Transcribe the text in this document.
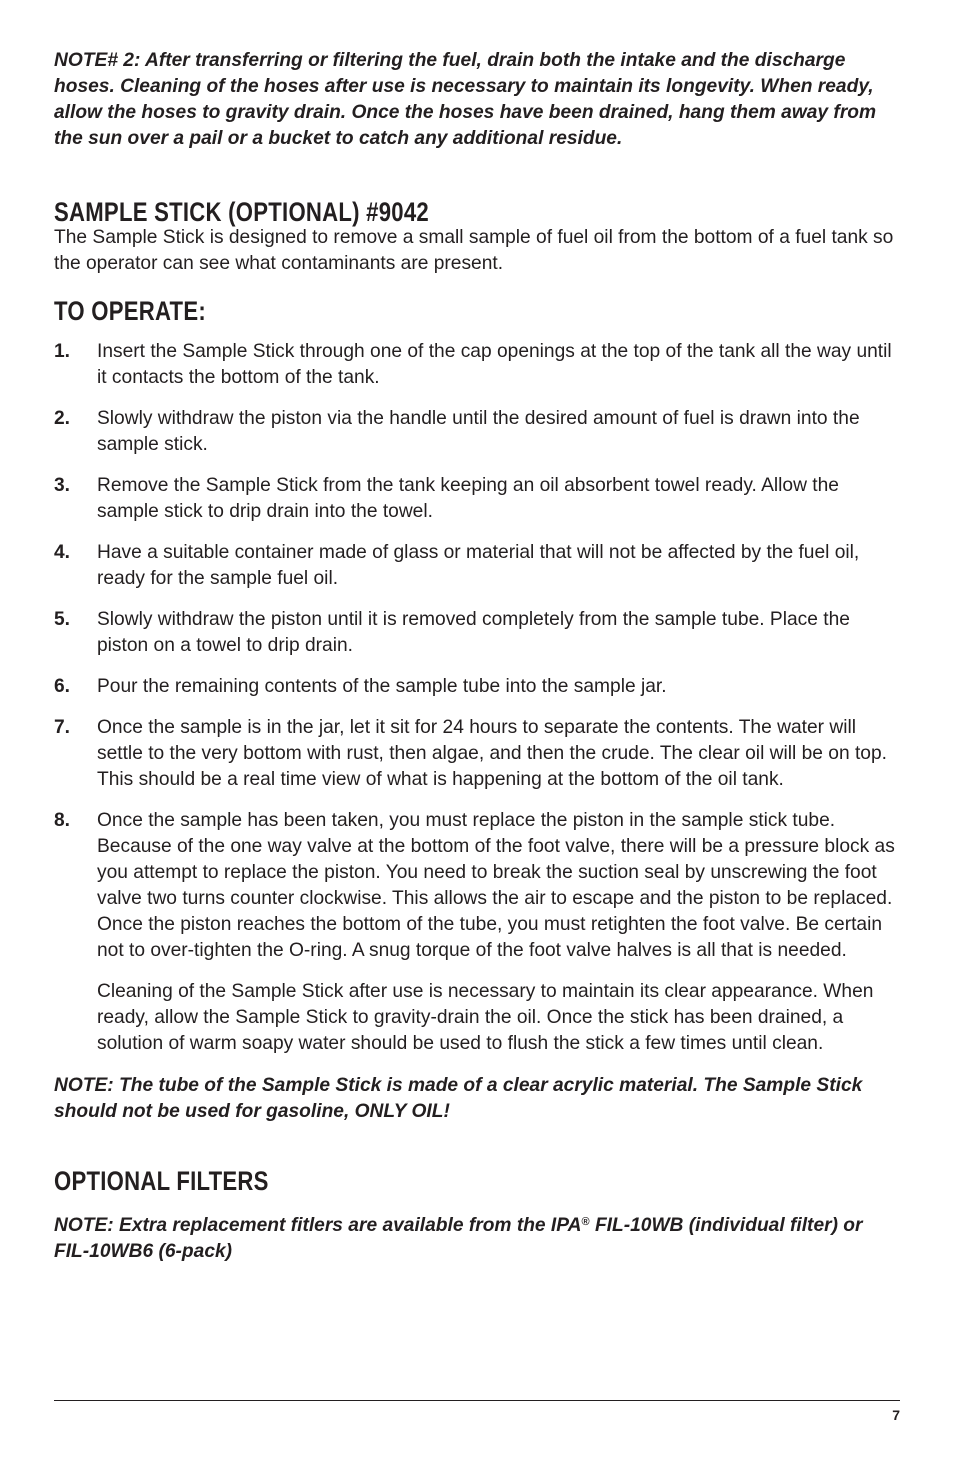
NOTE# 2: After transferring or filtering the fuel, drain both the intake and the discharge hoses. Cleaning of the hoses after use is necessary to maintain its longevity. When ready, allow the hoses to gravity drain. Once the hoses have been drained, hang them away from the sun over a pail or a bucket to catch any additional residue.

SAMPLE STICK (OPTIONAL) #9042

The Sample Stick is designed to remove a small sample of fuel oil from the bottom of a fuel tank so the operator can see what contaminants are present.

TO OPERATE:
1. Insert the Sample Stick through one of the cap openings at the top of the tank all the way until it contacts the bottom of the tank.
2. Slowly withdraw the piston via the handle until the desired amount of fuel is drawn into the sample stick.
3. Remove the Sample Stick from the tank keeping an oil absorbent towel ready. Allow the sample stick to drip drain into the towel.
4. Have a suitable container made of glass or material that will not be affected by the fuel oil, ready for the sample fuel oil.
5. Slowly withdraw the piston until it is removed completely from the sample tube. Place the piston on a towel to drip drain.
6. Pour the remaining contents of the sample tube into the sample jar.
7. Once the sample is in the jar, let it sit for 24 hours to separate the contents. The water will settle to the very bottom with rust, then algae, and then the crude. The clear oil will be on top. This should be a real time view of what is happening at the bottom of the oil tank.
8. Once the sample has been taken, you must replace the piston in the sample stick tube. Because of the one way valve at the bottom of the foot valve, there will be a pressure block as you attempt to replace the piston. You need to break the suction seal by unscrewing the foot valve two turns counter clockwise. This allows the air to escape and the piston to be replaced. Once the piston reaches the bottom of the tube, you must retighten the foot valve. Be certain not to over-tighten the O-ring. A snug torque of the foot valve halves is all that is needed.

Cleaning of the Sample Stick after use is necessary to maintain its clear appearance. When ready, allow the Sample Stick to gravity-drain the oil. Once the stick has been drained, a solution of warm soapy water should be used to flush the stick a few times until clean.

NOTE: The tube of the Sample Stick is made of a clear acrylic material. The Sample Stick should not be used for gasoline, ONLY OIL!

OPTIONAL FILTERS

NOTE: Extra replacement fitlers are available from the IPA® FIL-10WB (individual filter) or FIL-10WB6 (6-pack)

7
